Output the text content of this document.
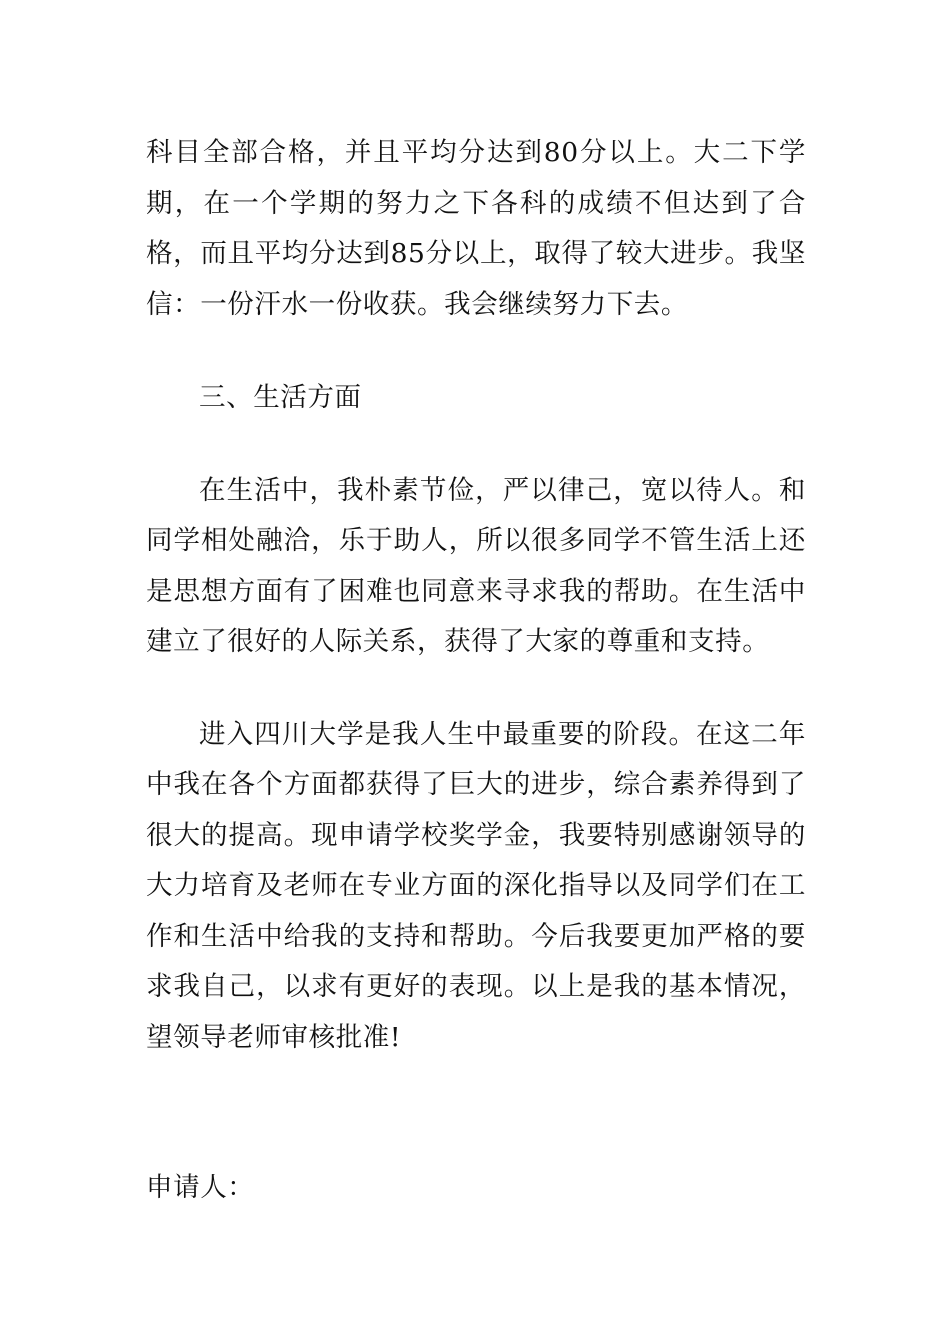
科目全部合格，并且平均分达到80分以上。大二下学期，在一个学期的努力之下各科的成绩不但达到了合格，而且平均分达到85分以上，取得了较大进步。我坚信：一份汗水一份收获。我会继续努力下去。

三、生活方面

在生活中，我朴素节俭，严以律己，宽以待人。和同学相处融洽，乐于助人，所以很多同学不管生活上还是思想方面有了困难也同意来寻求我的帮助。在生活中建立了很好的人际关系，获得了大家的尊重和支持。

进入四川大学是我人生中最重要的阶段。在这二年中我在各个方面都获得了巨大的进步，综合素养得到了很大的提高。现申请学校奖学金，我要特别感谢领导的大力培育及老师在专业方面的深化指导以及同学们在工作和生活中给我的支持和帮助。今后我要更加严格的要求我自己，以求有更好的表现。以上是我的基本情况，望领导老师审核批准!

申请人：
